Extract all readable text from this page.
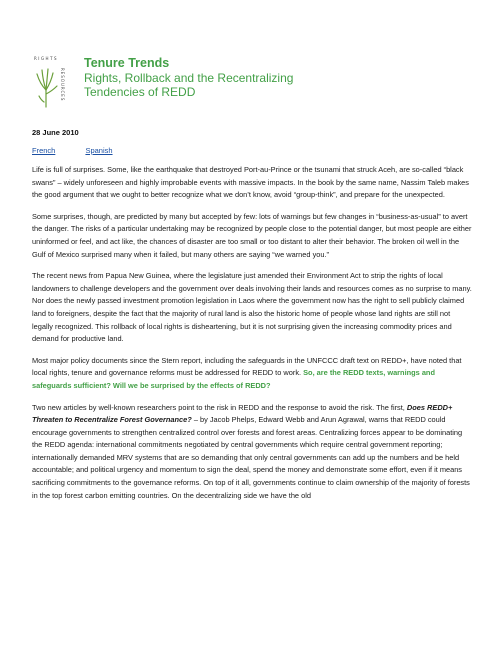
RIGHTS
RESOURCES
Tenure Trends
Rights, Rollback and the Recentralizing
Tendencies of REDD
28 June 2010
French	Spanish

Life is full of surprises. Some, like the earthquake that destroyed Port-au-Prince or the tsunami that struck Aceh, are so-called “black swans” – widely unforeseen and highly improbable events with massive impacts. In the book by the same name, Nassim Taleb makes the good argument that we ought to better recognize what we don’t know, avoid “group-think”, and prepare for the unexpected.

Some surprises, though, are predicted by many but accepted by few: lots of warnings but few changes in “business-as-usual” to avert the danger. The risks of a particular undertaking may be recognized by people close to the potential danger, but most people are either uninformed or feel, and act like, the chances of disaster are too small or too distant to alter their behavior. The broken oil well in the Gulf of Mexico surprised many when it failed, but many others are saying “we warned you.”

The recent news from Papua New Guinea, where the legislature just amended their Environment Act to strip the rights of local landowners to challenge developers and the government over deals involving their lands and resources comes as no surprise to many. Nor does the newly passed investment promotion legislation in Laos where the government now has the right to sell publicly claimed land to foreigners, despite the fact that the majority of rural land is also the historic home of people whose land rights are still not legally recognized. This rollback of local rights is disheartening, but it is not surprising given the increasing commodity prices and demand for productive land.

Most major policy documents since the Stern report, including the safeguards in the UNFCCC draft text on REDD+, have noted that local rights, tenure and governance reforms must be addressed for REDD to work. So, are the REDD texts, warnings and safeguards sufficient? Will we be surprised by the effects of REDD?

Two new articles by well-known researchers point to the risk in REDD and the response to avoid the risk. The first, Does REDD+ Threaten to Recentralize Forest Governance? – by Jacob Phelps, Edward Webb and Arun Agrawal, warns that REDD could encourage governments to strengthen centralized control over forests and forest areas. Centralizing forces appear to be dominating the REDD agenda: international commitments negotiated by central governments which require central government reporting; internationally demanded MRV systems that are so demanding that only central governments can add up the numbers and be held accountable; and political urgency and momentum to sign the deal, spend the money and demonstrate some effort, even if it means sacrificing commitments to the governance reforms. On top of it all, governments continue to claim ownership of the majority of forests in the top forest carbon emitting countries. On the decentralizing side we have the old
